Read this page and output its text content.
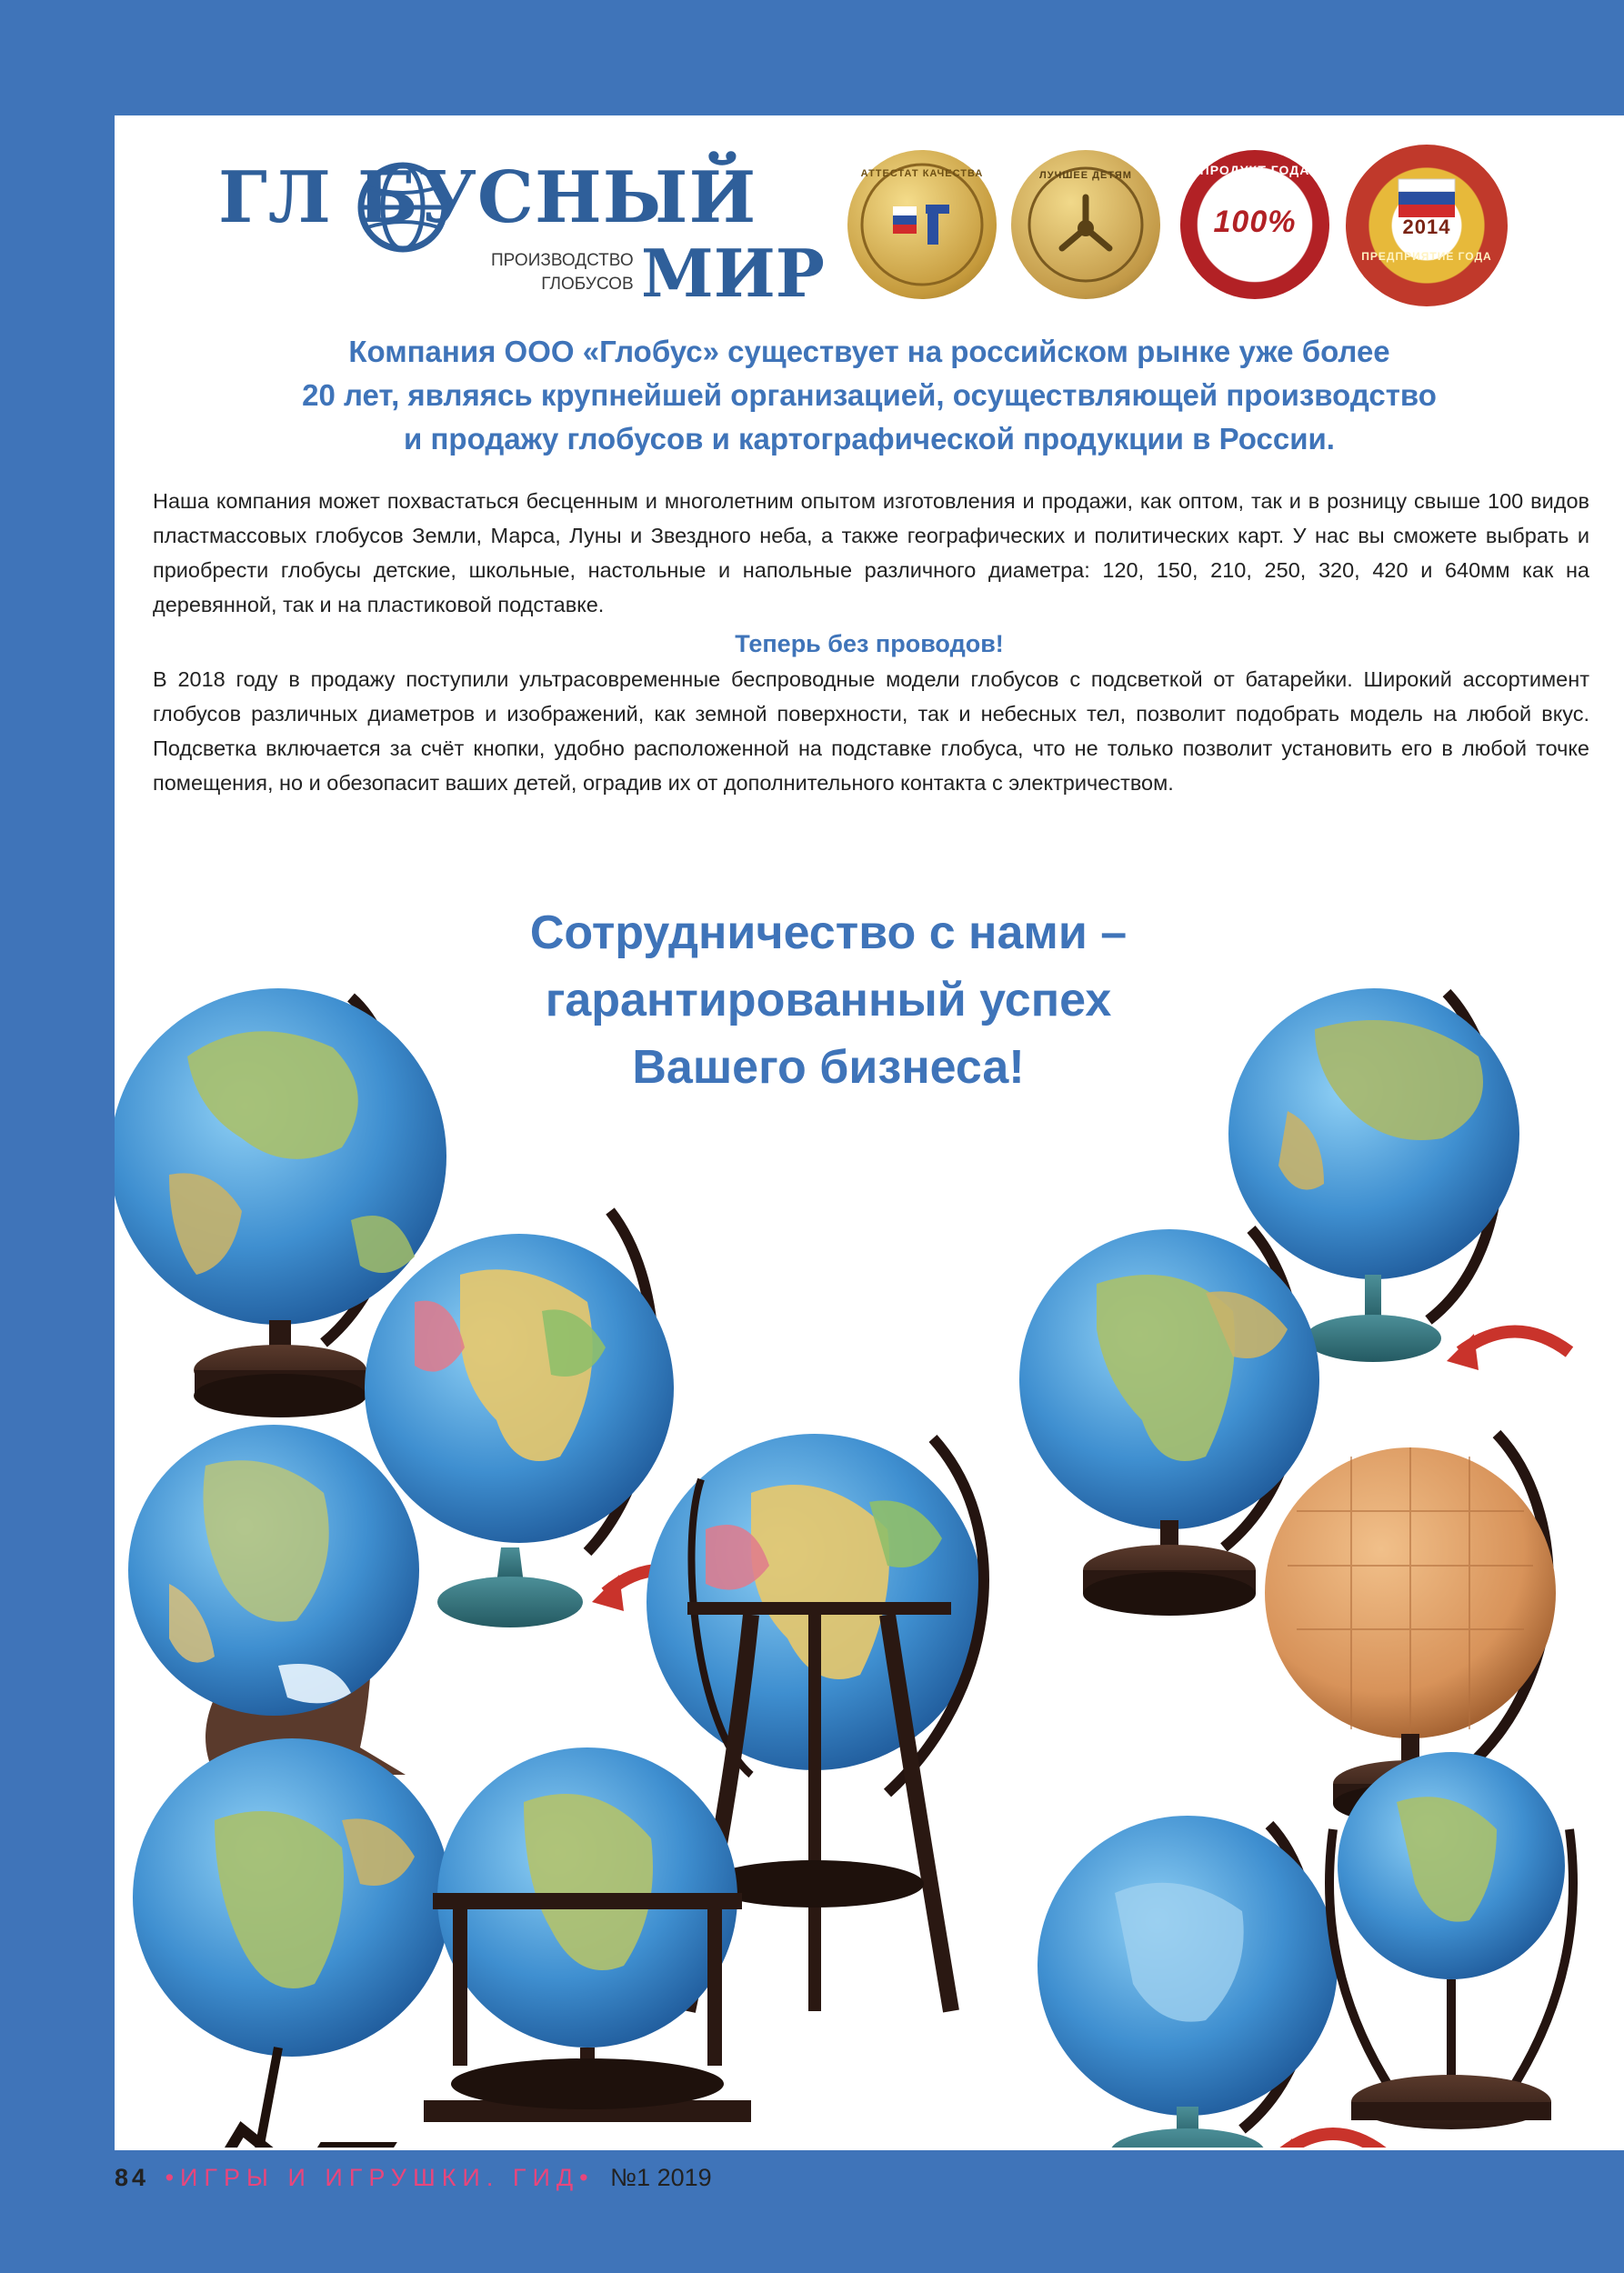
ГЛ БУСНЫЙ
ПРОИЗВОДСТВО
ГЛОБУСОВ МИР
АТТЕСТАТ КАЧЕСТВА	ЛУЧШЕЕ ДЕТЯМ	ПРОДУКТ ГОДА
100%
2014
2014
ПРЕДПРИЯТИЕ ГОДА
Компания ООО «Глобус» существует на российском рынке уже более
20 лет, являясь крупнейшей организацией, осуществляющей производство
и продажу глобусов и картографической продукции в России.
Наша компания может похвастаться бесценным и многолетним опытом изготовления и продажи, как оптом, так и в розницу свыше 100 видов пластмассовых глобусов Земли, Марса, Луны и Звездного неба, а также географических и политических карт. У нас вы сможете выбрать и приобрести глобусы детские, школьные, настольные и напольные различного диаметра: 120, 150, 210, 250, 320, 420 и 640мм как на деревянной, так и на пластиковой подставке.
Теперь без проводов!
В 2018 году в продажу поступили ультрасовременные беспроводные модели глобусов с подсветкой от батарейки. Широкий ассортимент глобусов различных диаметров и изображений, как земной поверхности, так и небесных тел, позволит подобрать модель на любой вкус. Подсветка включается за счёт кнопки, удобно расположенной на подставке глобуса, что не только позволит установить его в любой точке помещения, но и обезопасит ваших детей, оградив их от дополнительного контакта с электричеством.
Сотрудничество с нами –
гарантированный успех
Вашего бизнеса!
84 •ИГРЫ И ИГРУШКИ. ГИД• №1 2019
